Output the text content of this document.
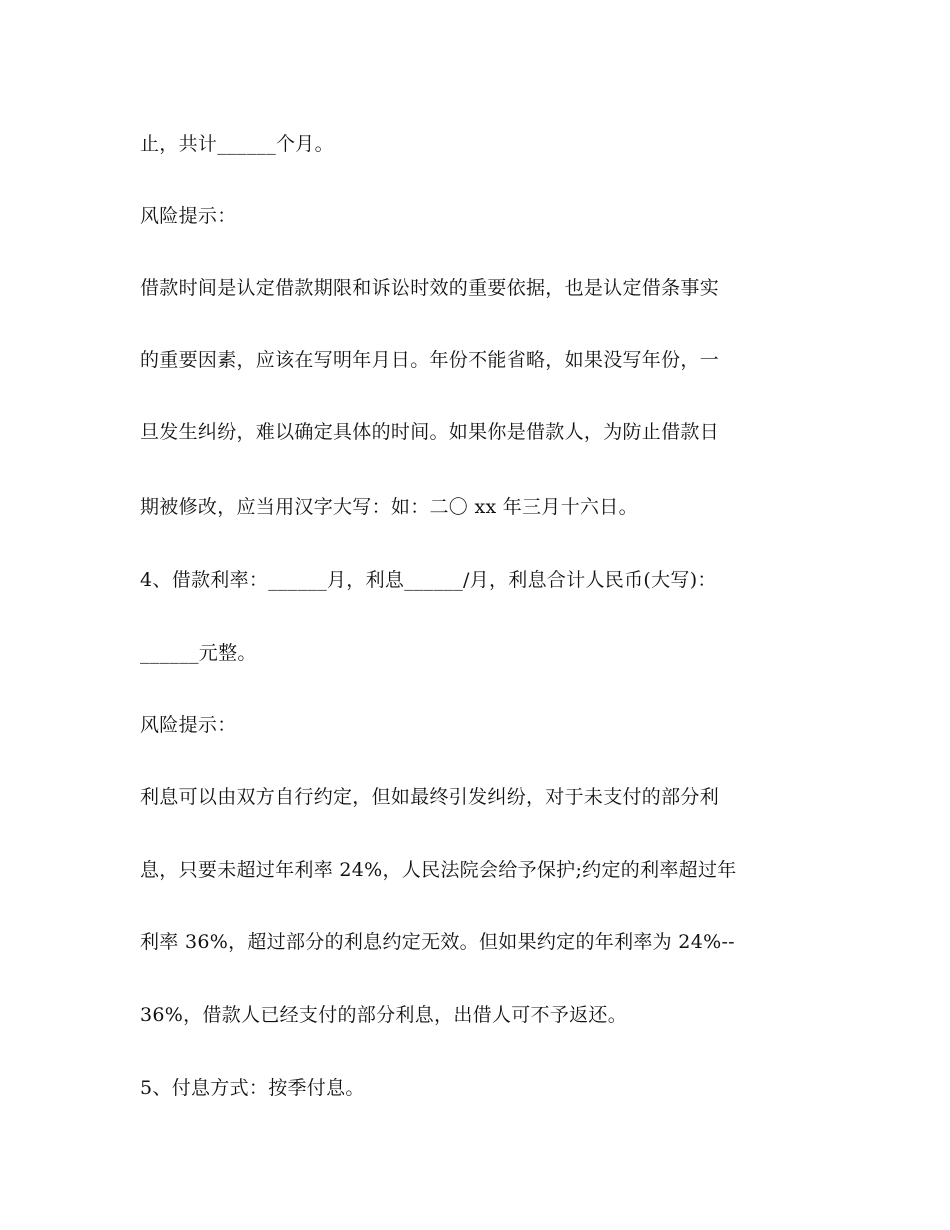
止，共计______个月。
风险提示：
借款时间是认定借款期限和诉讼时效的重要依据，也是认定借条事实
的重要因素，应该在写明年月日。年份不能省略，如果没写年份，一
旦发生纠纷，难以确定具体的时间。如果你是借款人，为防止借款日
期被修改，应当用汉字大写：如：二〇 xx 年三月十六日。
4、借款利率：______月，利息______/月，利息合计人民币(大写)：
______元整。
风险提示：
利息可以由双方自行约定，但如最终引发纠纷，对于未支付的部分利
息，只要未超过年利率 24%，人民法院会给予保护;约定的利率超过年
利率 36%，超过部分的利息约定无效。但如果约定的年利率为 24%--
36%，借款人已经支付的部分利息，出借人可不予返还。
5、付息方式：按季付息。
